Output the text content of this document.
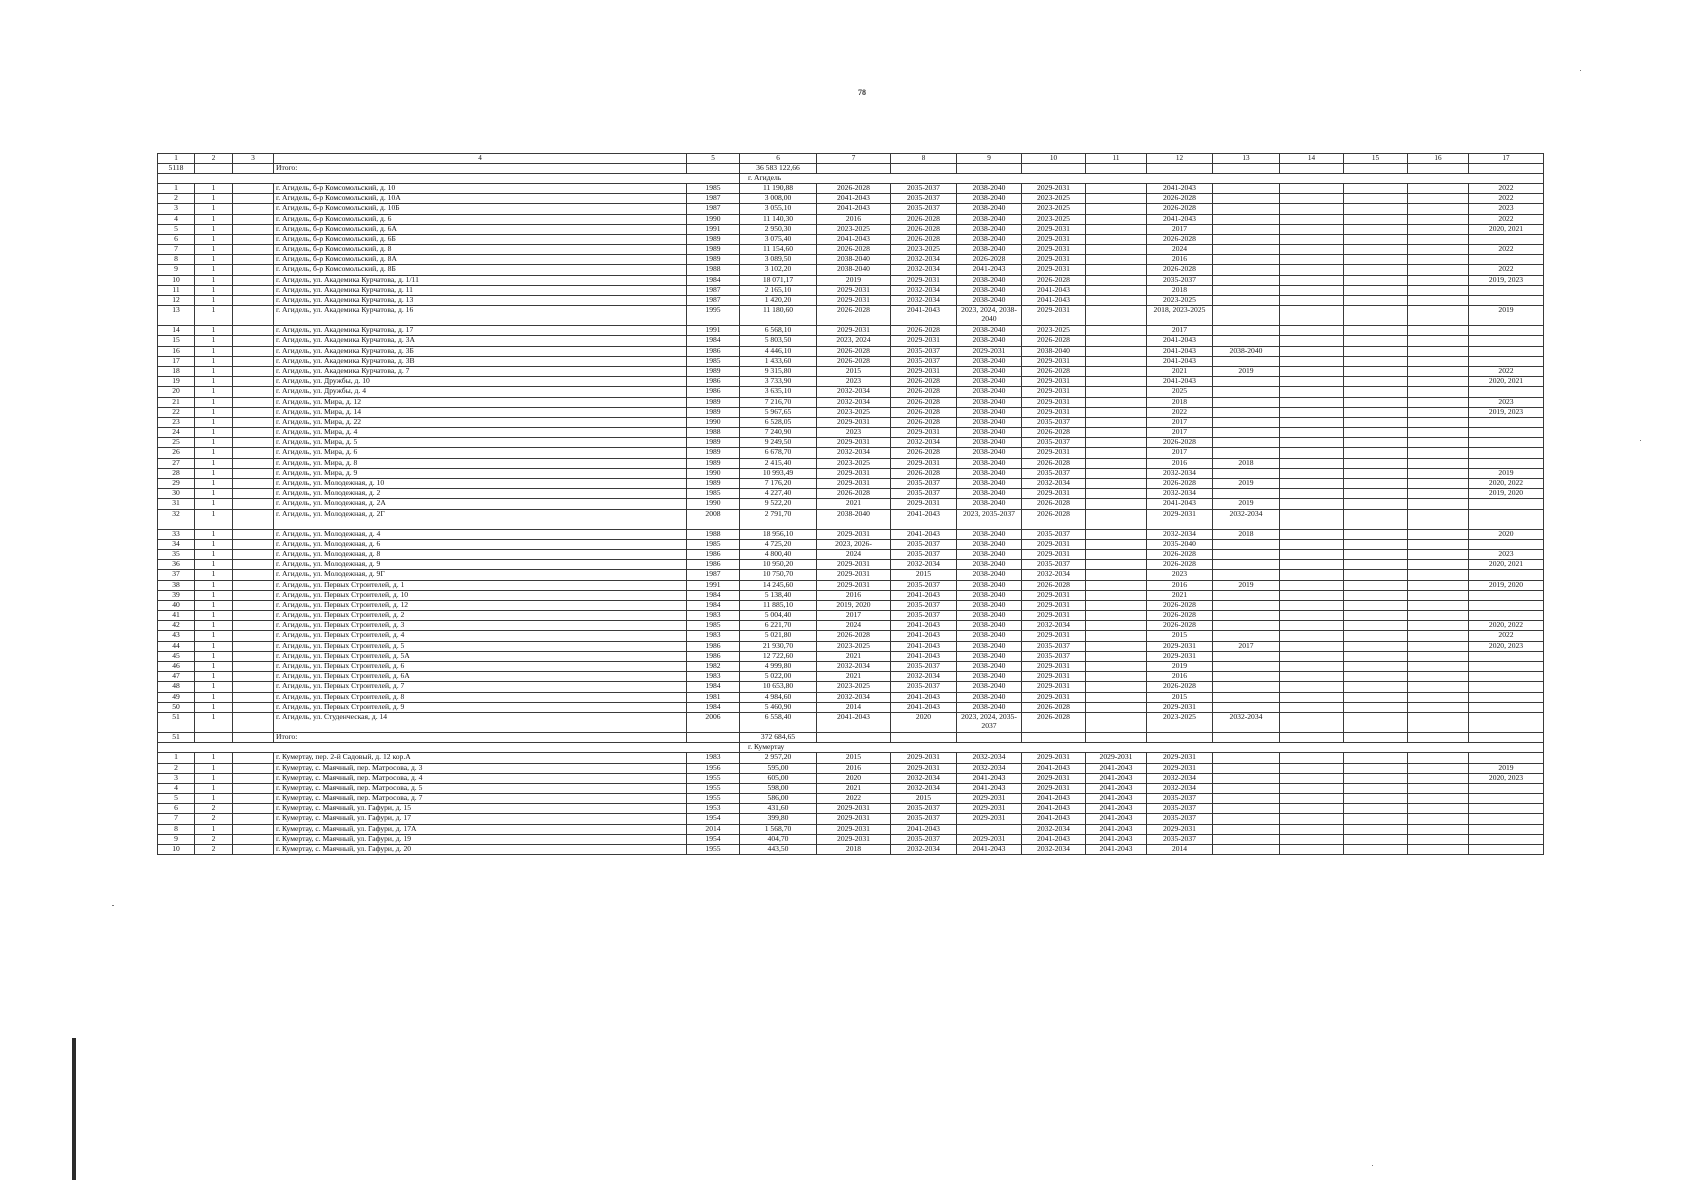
78
1	2	3	4	5	6	7	8	9	10	11	12	13	14	15	16	17
5118			Итого:		36 583 122,66											
					г. Агидель											
1	1		г. Агидель, б-р Комсомольский, д. 10	1985	11 190,88	2026-2028	2035-2037	2038-2040	2029-2031		2041-2043					2022
2	1		г. Агидель, б-р Комсомольский, д. 10А	1987	3 008,00	2041-2043	2035-2037	2038-2040	2023-2025		2026-2028					2022
3	1		г. Агидель, б-р Комсомольский, д. 10Б	1987	3 055,10	2041-2043	2035-2037	2038-2040	2023-2025		2026-2028					2023
4	1		г. Агидель, б-р Комсомольский, д. 6	1990	11 140,30	2016	2026-2028	2038-2040	2023-2025		2041-2043					2022
5	1		г. Агидель, б-р Комсомольский, д. 6А	1991	2 950,30	2023-2025	2026-2028	2038-2040	2029-2031		2017					2020, 2021
6	1		г. Агидель, б-р Комсомольский, д. 6Б	1989	3 075,40	2041-2043	2026-2028	2038-2040	2029-2031		2026-2028					
7	1		г. Агидель, б-р Комсомольский, д. 8	1989	11 154,60	2026-2028	2023-2025	2038-2040	2029-2031		2024					2022
8	1		г. Агидель, б-р Комсомольский, д. 8А	1989	3 089,50	2038-2040	2032-2034	2026-2028	2029-2031		2016					
9	1		г. Агидель, б-р Комсомольский, д. 8Б	1988	3 102,20	2038-2040	2032-2034	2041-2043	2029-2031		2026-2028					2022
10	1		г. Агидель, ул. Академика Курчатова, д. 1/11	1984	18 071,17	2019	2029-2031	2038-2040	2026-2028		2035-2037					2019, 2023
11	1		г. Агидель, ул. Академика Курчатова, д. 11	1987	2 165,10	2029-2031	2032-2034	2038-2040	2041-2043		2018					
12	1		г. Агидель, ул. Академика Курчатова, д. 13	1987	1 420,20	2029-2031	2032-2034	2038-2040	2041-2043		2023-2025					
13	1		г. Агидель, ул. Академика Курчатова, д. 16	1995	11 180,60	2026-2028	2041-2043	2023, 2024, 2038-2040	2029-2031		2018, 2023-2025					2019
14	1		г. Агидель, ул. Академика Курчатова, д. 17	1991	6 568,10	2029-2031	2026-2028	2038-2040	2023-2025		2017					
15	1		г. Агидель, ул. Академика Курчатова, д. 3А	1984	5 803,50	2023, 2024	2029-2031	2038-2040	2026-2028		2041-2043					
16	1		г. Агидель, ул. Академика Курчатова, д. 3Б	1986	4 446,10	2026-2028	2035-2037	2029-2031	2038-2040		2041-2043	2038-2040				
17	1		г. Агидель, ул. Академика Курчатова, д. 3В	1985	1 433,60	2026-2028	2035-2037	2038-2040	2029-2031		2041-2043					
18	1		г. Агидель, ул. Академика Курчатова, д. 7	1989	9 315,80	2015	2029-2031	2038-2040	2026-2028		2021	2019				2022
19	1		г. Агидель, ул. Дружбы, д. 10	1986	3 733,90	2023	2026-2028	2038-2040	2029-2031		2041-2043					2020, 2021
20	1		г. Агидель, ул. Дружбы, д. 4	1986	3 635,10	2032-2034	2026-2028	2038-2040	2029-2031		2025					
21	1		г. Агидель, ул. Мира, д. 12	1989	7 216,70	2032-2034	2026-2028	2038-2040	2029-2031		2018					2023
22	1		г. Агидель, ул. Мира, д. 14	1989	5 967,65	2023-2025	2026-2028	2038-2040	2029-2031		2022					2019, 2023
23	1		г. Агидель, ул. Мира, д. 22	1990	6 528,05	2029-2031	2026-2028	2038-2040	2035-2037		2017					
24	1		г. Агидель, ул. Мира, д. 4	1988	7 240,90	2023	2029-2031	2038-2040	2026-2028		2017					
25	1		г. Агидель, ул. Мира, д. 5	1989	9 249,50	2029-2031	2032-2034	2038-2040	2035-2037		2026-2028					
26	1		г. Агидель, ул. Мира, д. 6	1989	6 678,70	2032-2034	2026-2028	2038-2040	2029-2031		2017					
27	1		г. Агидель, ул. Мира, д. 8	1989	2 415,40	2023-2025	2029-2031	2038-2040	2026-2028		2016	2018				
28	1		г. Агидель, ул. Мира, д. 9	1990	10 993,49	2029-2031	2026-2028	2038-2040	2035-2037		2032-2034					2019
29	1		г. Агидель, ул. Молодежная, д. 10	1989	7 176,20	2029-2031	2035-2037	2038-2040	2032-2034		2026-2028	2019				2020, 2022
30	1		г. Агидель, ул. Молодежная, д. 2	1985	4 227,40	2026-2028	2035-2037	2038-2040	2029-2031		2032-2034					2019, 2020
31	1		г. Агидель, ул. Молодежная, д. 2А	1990	9 522,20	2021	2029-2031	2038-2040	2026-2028		2041-2043	2019				
32	1		г. Агидель, ул. Молодежная, д. 2Г	2008	2 791,70	2038-2040	2041-2043	2023, 2035-2037	2026-2028		2029-2031	2032-2034				
33	1		г. Агидель, ул. Молодежная, д. 4	1988	18 956,10	2029-2031	2041-2043	2038-2040	2035-2037		2032-2034	2018				2020
34	1		г. Агидель, ул. Молодежная, д. 6	1985	4 725,20	2023, 2026-	2035-2037	2038-2040	2029-2031		2035-2040					
35	1		г. Агидель, ул. Молодежная, д. 8	1986	4 800,40	2024	2035-2037	2038-2040	2029-2031		2026-2028					2023
36	1		г. Агидель, ул. Молодежная, д. 9	1986	10 950,20	2029-2031	2032-2034	2038-2040	2035-2037		2026-2028					2020, 2021
37	1		г. Агидель, ул. Молодежная, д. 9Г	1987	10 750,70	2029-2031	2015	2038-2040	2032-2034		2023					
38	1		г. Агидель, ул. Первых Строителей, д. 1	1991	14 245,60	2029-2031	2035-2037	2038-2040	2026-2028		2016	2019				2019, 2020
39	1		г. Агидель, ул. Первых Строителей, д. 10	1984	5 138,40	2016	2041-2043	2038-2040	2029-2031		2021					
40	1		г. Агидель, ул. Первых Строителей, д. 12	1984	11 885,10	2019, 2020	2035-2037	2038-2040	2029-2031		2026-2028					
41	1		г. Агидель, ул. Первых Строителей, д. 2	1983	5 004,40	2017	2035-2037	2038-2040	2029-2031		2026-2028					
42	1		г. Агидель, ул. Первых Строителей, д. 3	1985	6 221,70	2024	2041-2043	2038-2040	2032-2034		2026-2028					2020, 2022
43	1		г. Агидель, ул. Первых Строителей, д. 4	1983	5 021,80	2026-2028	2041-2043	2038-2040	2029-2031		2015					2022
44	1		г. Агидель, ул. Первых Строителей, д. 5	1986	21 930,70	2023-2025	2041-2043	2038-2040	2035-2037		2029-2031	2017				2020, 2023
45	1		г. Агидель, ул. Первых Строителей, д. 5А	1986	12 722,60	2021	2041-2043	2038-2040	2035-2037		2029-2031					
46	1		г. Агидель, ул. Первых Строителей, д. 6	1982	4 999,80	2032-2034	2035-2037	2038-2040	2029-2031		2019					
47	1		г. Агидель, ул. Первых Строителей, д. 6А	1983	5 022,00	2021	2032-2034	2038-2040	2029-2031		2016					
48	1		г. Агидель, ул. Первых Строителей, д. 7	1984	10 653,80	2023-2025	2035-2037	2038-2040	2029-2031		2026-2028					
49	1		г. Агидель, ул. Первых Строителей, д. 8	1981	4 984,60	2032-2034	2041-2043	2038-2040	2029-2031		2015					
50	1		г. Агидель, ул. Первых Строителей, д. 9	1984	5 460,90	2014	2041-2043	2038-2040	2026-2028		2029-2031					
51	1		г. Агидель, ул. Студенческая, д. 14	2006	6 558,40	2041-2043	2020	2023, 2024, 2035-2037	2026-2028		2023-2025	2032-2034				
51			Итого:		372 684,65											
					г. Кумертау											
1	1		г. Кумертау, пер. 2-й Садовый, д. 12 кор.А	1983	2 957,20	2015	2029-2031	2032-2034	2029-2031	2029-2031	2029-2031					
2	1		г. Кумертау, с. Маячный, пер. Матросова, д. 3	1956	595,00	2016	2029-2031	2032-2034	2041-2043	2041-2043	2029-2031					2019
3	1		г. Кумертау, с. Маячный, пер. Матросова, д. 4	1955	605,00	2020	2032-2034	2041-2043	2029-2031	2041-2043	2032-2034					2020, 2023
4	1		г. Кумертау, с. Маячный, пер. Матросова, д. 5	1955	598,00	2021	2032-2034	2041-2043	2029-2031	2041-2043	2032-2034					
5	1		г. Кумертау, с. Маячный, пер. Матросова, д. 7	1955	586,00	2022	2015	2029-2031	2041-2043	2041-2043	2035-2037					
6	2		г. Кумертау, с. Маячный, ул. Гафури, д. 15	1953	431,60	2029-2031	2035-2037	2029-2031	2041-2043	2041-2043	2035-2037					
7	2		г. Кумертау, с. Маячный, ул. Гафури, д. 17	1954	399,80	2029-2031	2035-2037	2029-2031	2041-2043	2041-2043	2035-2037					
8	1		г. Кумертау, с. Маячный, ул. Гафури, д. 17А	2014	1 568,70	2029-2031	2041-2043		2032-2034	2041-2043	2029-2031					
9	2		г. Кумертау, с. Маячный, ул. Гафури, д. 19	1954	404,70	2029-2031	2035-2037	2029-2031	2041-2043	2041-2043	2035-2037					
10	2		г. Кумертау, с. Маячный, ул. Гафури, д. 20	1955	443,50	2018	2032-2034	2041-2043	2032-2034	2041-2043	2014					
